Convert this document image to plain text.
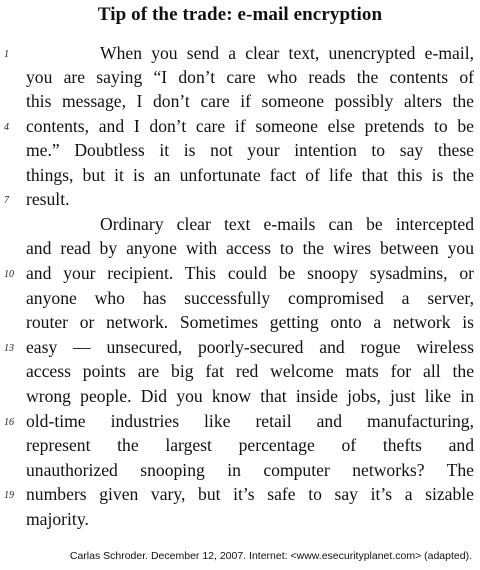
Tip of the trade: e-mail encryption
When you send a clear text, unencrypted e-mail,
you are saying “I don’t care who reads the contents of
this message, I don’t care if someone possibly alters the
contents, and I don’t care if someone else pretends to be
me.” Doubtless it is not your intention to say these
things, but it is an unfortunate fact of life that this is the
result.
Ordinary clear text e-mails can be intercepted
and read by anyone with access to the wires between you
and your recipient. This could be snoopy sysadmins, or
anyone who has successfully compromised a server,
router or network. Sometimes getting onto a network is
easy — unsecured, poorly-secured and rogue wireless
access points are big fat red welcome mats for all the
wrong people. Did you know that inside jobs, just like in
old-time industries like retail and manufacturing,
represent the largest percentage of thefts and
unauthorized snooping in computer networks? The
numbers given vary, but it’s safe to say it’s a sizable
majority.
1
4
7
10
13
16
19
Carlas Schroder. December 12, 2007. Internet: <www.esecurityplanet.com> (adapted).
